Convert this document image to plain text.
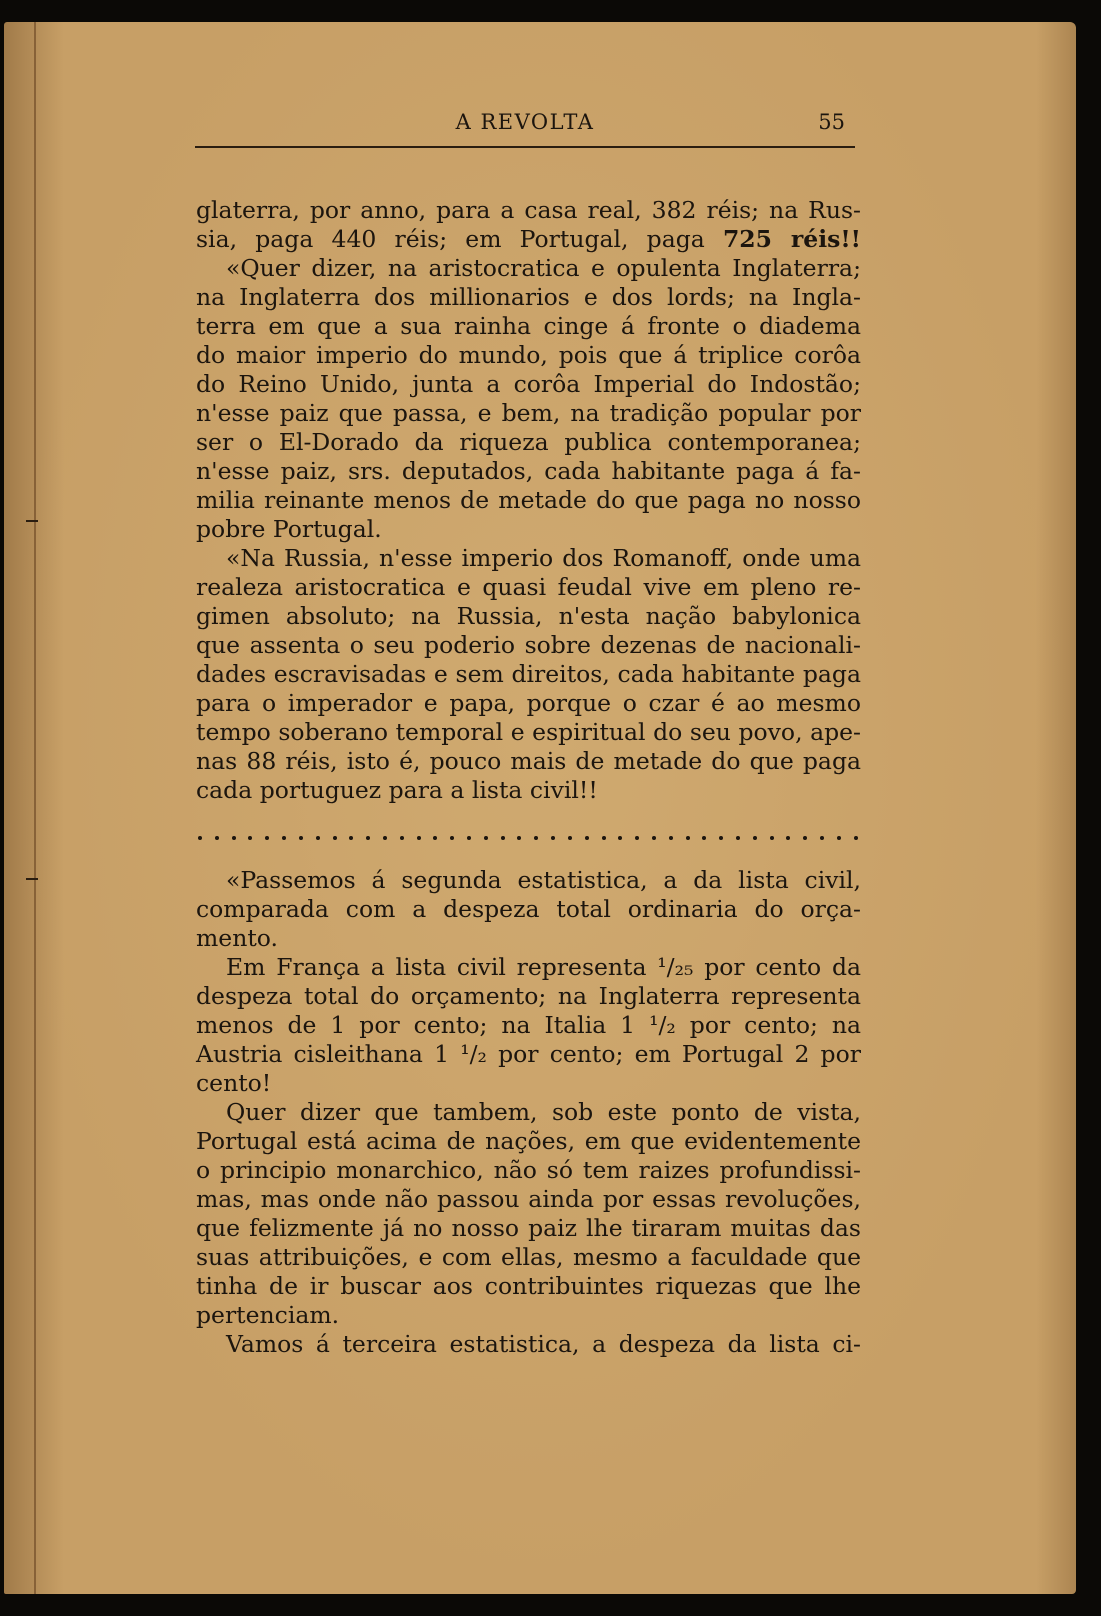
A REVOLTA	55
glaterra, por anno, para a casa real, 382 réis; na Rus-
sia, paga 440 réis; em Portugal, paga 725 réis!!
«Quer dizer, na aristocratica e opulenta Inglaterra;
na Inglaterra dos millionarios e dos lords; na Ingla-
terra em que a sua rainha cinge á fronte o diadema
do maior imperio do mundo, pois que á triplice corôa
do Reino Unido, junta a corôa Imperial do Indostão;
n'esse paiz que passa, e bem, na tradição popular por
ser o El-Dorado da riqueza publica contemporanea;
n'esse paiz, srs. deputados, cada habitante paga á fa-
milia reinante menos de metade do que paga no nosso
pobre Portugal.
«Na Russia, n'esse imperio dos Romanoff, onde uma
realeza aristocratica e quasi feudal vive em pleno re-
gimen absoluto; na Russia, n'esta nação babylonica
que assenta o seu poderio sobre dezenas de nacionali-
dades escravisadas e sem direitos, cada habitante paga
para o imperador e papa, porque o czar é ao mesmo
tempo soberano temporal e espiritual do seu povo, ape-
nas 88 réis, isto é, pouco mais de metade do que paga
cada portuguez para a lista civil!!
«Passemos á segunda estatistica, a da lista civil,
comparada com a despeza total ordinaria do orça-
mento.
Em França a lista civil representa ¹/₂₅ por cento da
despeza total do orçamento; na Inglaterra representa
menos de 1 por cento; na Italia 1 ¹/₂ por cento; na
Austria cisleithana 1 ¹/₂ por cento; em Portugal 2 por
cento!
Quer dizer que tambem, sob este ponto de vista,
Portugal está acima de nações, em que evidentemente
o principio monarchico, não só tem raizes profundissi-
mas, mas onde não passou ainda por essas revoluções,
que felizmente já no nosso paiz lhe tiraram muitas das
suas attribuições, e com ellas, mesmo a faculdade que
tinha de ir buscar aos contribuintes riquezas que lhe
pertenciam.
Vamos á terceira estatistica, a despeza da lista ci-
